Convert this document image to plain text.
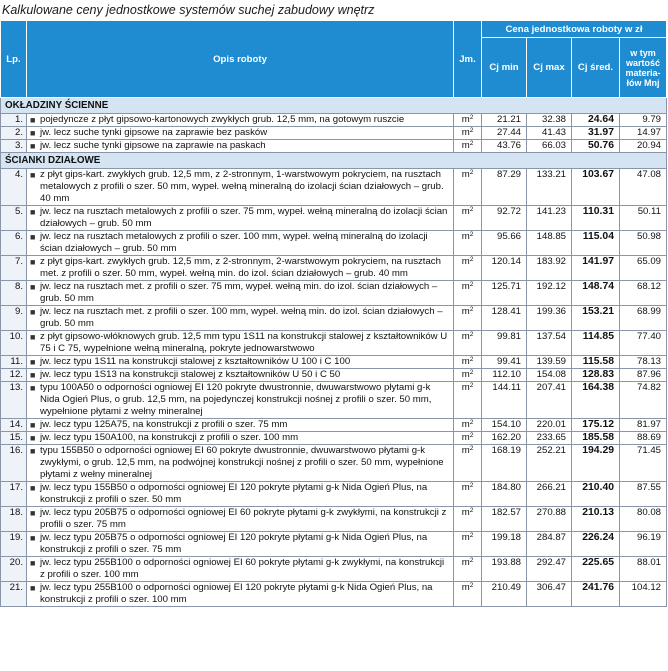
Kalkulowane ceny jednostkowe systemów suchej zabudowy wnętrz
Lp.	Opis roboty	Jm.	Cena jednostkowa roboty w zł			
			Cj min	Cj max	Cj śred.	w tym wartość materia-łów Mnj
OKŁADZINY ŚCIENNE						
1.	■ pojedyncze z płyt gipsowo-kartonowych zwykłych grub. 12,5 mm, na gotowym ruszcie	$m^2$	21.21	32.38	24.64	9.79
2.	■ jw. lecz suche tynki gipsowe na zaprawie bez pasków	$m^2$	27.44	41.43	31.97	14.97
3.	■ jw. lecz suche tynki gipsowe na zaprawie na paskach	$m^2$	43.76	66.03	50.76	20.94
ŚCIANKI DZIAŁOWE						
4.	■ z płyt gips-kart. zwykłych grub. 12,5 mm, z 2-stronnym, 1-warstwowym pokryciem, na rusztach metalowych z profili o szer. 50 mm, wypeł. wełną mineralną do izolacji ścian działowych – grub. 40 mm	$m^2$	87.29	133.21	103.67	47.08
5.	■ jw. lecz na rusztach metalowych z profili o szer. 75 mm, wypeł. wełną mineralną do izolacji ścian działowych – grub. 50 mm	$m^2$	92.72	141.23	110.31	50.11
6.	■ jw. lecz na rusztach metalowych z profili o szer. 100 mm, wypeł. wełną mineralną do izolacji ścian działowych – grub. 50 mm	$m^2$	95.66	148.85	115.04	50.98
7.	■ z płyt gips-kart. zwykłych grub. 12,5 mm, z 2-stronnym, 2-warstwowym pokryciem, na rusztach met. z profili o szer. 50 mm, wypeł. wełną min. do izol. ścian działowych – grub. 40 mm	$m^2$	120.14	183.92	141.97	65.09
8.	■ jw. lecz na rusztach met. z profili o szer. 75 mm, wypeł. wełną min. do izol. ścian działowych – grub. 50 mm	$m^2$	125.71	192.12	148.74	68.12
9.	■ jw. lecz na rusztach met. z profili o szer. 100 mm, wypeł. wełną min. do izol. ścian działowych – grub. 50 mm	$m^2$	128.41	199.36	153.21	68.99
10.	■ z płyt gipsowo-włóknowych grub. 12,5 mm typu 1S11 na konstrukcji stalowej z kształtowników U 75 i C 75, wypełnione wełną mineralną, pokryte jednowarstwowo	$m^2$	99.81	137.54	114.85	77.40
11.	■ jw. lecz typu 1S11 na konstrukcji stalowej z kształtowników U 100 i C 100	$m^2$	99.41	139.59	115.58	78.13
12.	■ jw. lecz typu 1S13 na konstrukcji stalowej z kształtowników U 50 i C 50	$m^2$	112.10	154.08	128.83	87.96
13.	■ typu 100A50 o odporności ogniowej EI 120 pokryte dwustronnie, dwuwarstwowo płytami g-k Nida Ogień Plus, o grub. 12,5 mm, na pojedynczej konstrukcji nośnej z profili o szer. 50 mm, wypełnione płytami z wełny mineralnej	$m^2$	144.11	207.41	164.38	74.82
14.	■ jw. lecz typu 125A75, na konstrukcji z profili o szer. 75 mm	$m^2$	154.10	220.01	175.12	81.97
15.	■ jw. lecz typu 150A100, na konstrukcji z profili o szer. 100 mm	$m^2$	162.20	233.65	185.58	88.69
16.	■ typu 155B50 o odporności ogniowej EI 60 pokryte dwustronnie, dwuwarstwowo płytami g-k zwykłymi, o grub. 12,5 mm, na podwójnej konstrukcji nośnej z profili o szer. 50 mm, wypełnione płytami z wełny mineralnej	$m^2$	168.19	252.21	194.29	71.45
17.	■ jw. lecz typu 155B50 o odporności ogniowej EI 120 pokryte płytami g-k Nida Ogień Plus, na konstrukcji z profili o szer. 50 mm	$m^2$	184.80	266.21	210.40	87.55
18.	■ jw. lecz typu 205B75 o odporności ogniowej EI 60 pokryte płytami g-k zwykłymi, na konstrukcji z profili o szer. 75 mm	$m^2$	182.57	270.88	210.13	80.08
19.	■ jw. lecz typu 205B75 o odporności ogniowej EI 120 pokryte płytami g-k Nida Ogień Plus, na konstrukcji z profili o szer. 75 mm	$m^2$	199.18	284.87	226.24	96.19
20.	■ jw. lecz typu 255B100 o odporności ogniowej EI 60 pokryte płytami g-k zwykłymi, na konstrukcji z profili o szer. 100 mm	$m^2$	193.88	292.47	225.65	88.01
21.	■ jw. lecz typu 255B100 o odporności ogniowej EI 120 pokryte płytami g-k Nida Ogień Plus, na konstrukcji z profili o szer. 100 mm	$m^2$	210.49	306.47	241.76	104.12
